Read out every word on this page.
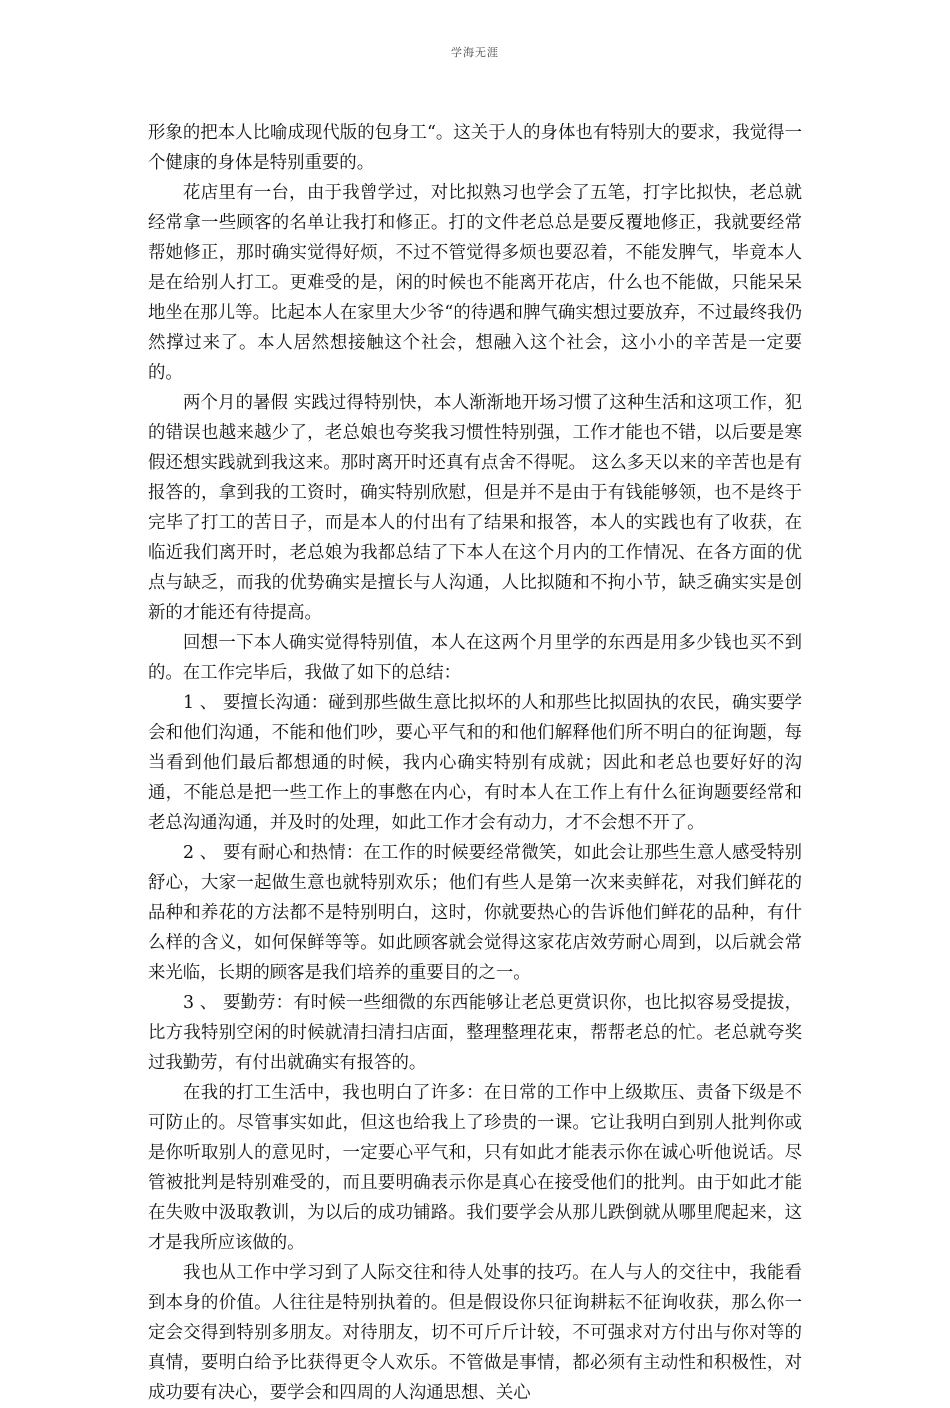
学海无涯

形象的把本人比喻成现代版的包身工“。这关于人的身体也有特别大的要求，我觉得一个健康的身体是特别重要的。

花店里有一台，由于我曾学过，对比拟熟习也学会了五笔，打字比拟快，老总就经常拿一些顾客的名单让我打和修正。打的文件老总总是要反覆地修正，我就要经常帮她修正，那时确实觉得好烦，不过不管觉得多烦也要忍着，不能发脾气，毕竟本人是在给别人打工。更难受的是，闲的时候也不能离开花店，什么也不能做，只能呆呆地坐在那儿等。比起本人在家里大少爷“的待遇和脾气确实想过要放弃，不过最终我仍然撑过来了。本人居然想接触这个社会，想融入这个社会，这小小的辛苦是一定要的。

两个月的暑假 实践过得特别快，本人渐渐地开场习惯了这种生活和这项工作，犯的错误也越来越少了，老总娘也夸奖我习惯性特别强，工作才能也不错，以后要是寒假还想实践就到我这来。那时离开时还真有点舍不得呢。 这么多天以来的辛苦也是有报答的，拿到我的工资时，确实特别欣慰，但是并不是由于有钱能够领，也不是终于完毕了打工的苦日子，而是本人的付出有了结果和报答，本人的实践也有了收获，在临近我们离开时，老总娘为我都总结了下本人在这个月内的工作情况、在各方面的优点与缺乏，而我的优势确实是擅长与人沟通，人比拟随和不拘小节，缺乏确实实是创新的才能还有待提高。

回想一下本人确实觉得特别值，本人在这两个月里学的东西是用多少钱也买不到的。在工作完毕后，我做了如下的总结：

1 、 要擅长沟通：碰到那些做生意比拟坏的人和那些比拟固执的农民，确实要学会和他们沟通，不能和他们吵，要心平气和的和他们解释他们所不明白的征询题，每当看到他们最后都想通的时候，我内心确实特别有成就；因此和老总也要好好的沟通，不能总是把一些工作上的事憋在内心，有时本人在工作上有什么征询题要经常和老总沟通沟通，并及时的处理，如此工作才会有动力，才不会想不开了。

2 、 要有耐心和热情：在工作的时候要经常微笑，如此会让那些生意人感受特别舒心，大家一起做生意也就特别欢乐；他们有些人是第一次来卖鲜花，对我们鲜花的品种和养花的方法都不是特别明白，这时，你就要热心的告诉他们鲜花的品种，有什么样的含义，如何保鲜等等。如此顾客就会觉得这家花店效劳耐心周到，以后就会常来光临，长期的顾客是我们培养的重要目的之一。

3 、 要勤劳：有时候一些细微的东西能够让老总更赏识你，也比拟容易受提拔，比方我特别空闲的时候就清扫清扫店面，整理整理花束，帮帮老总的忙。老总就夸奖过我勤劳，有付出就确实有报答的。

在我的打工生活中，我也明白了许多：在日常的工作中上级欺压、责备下级是不可防止的。尽管事实如此，但这也给我上了珍贵的一课。它让我明白到别人批判你或是你听取别人的意见时，一定要心平气和，只有如此才能表示你在诚心听他说话。尽管被批判是特别难受的，而且要明确表示你是真心在接受他们的批判。由于如此才能在失败中汲取教训，为以后的成功铺路。我们要学会从那儿跌倒就从哪里爬起来，这才是我所应该做的。

我也从工作中学习到了人际交往和待人处事的技巧。在人与人的交往中，我能看到本身的价值。人往往是特别执着的。但是假设你只征询耕耘不征询收获，那么你一定会交得到特别多朋友。对待朋友，切不可斤斤计较，不可强求对方付出与你对等的真情，要明白给予比获得更令人欢乐。不管做是事情，都必须有主动性和积极性，对成功要有决心，要学会和四周的人沟通思想、关心
